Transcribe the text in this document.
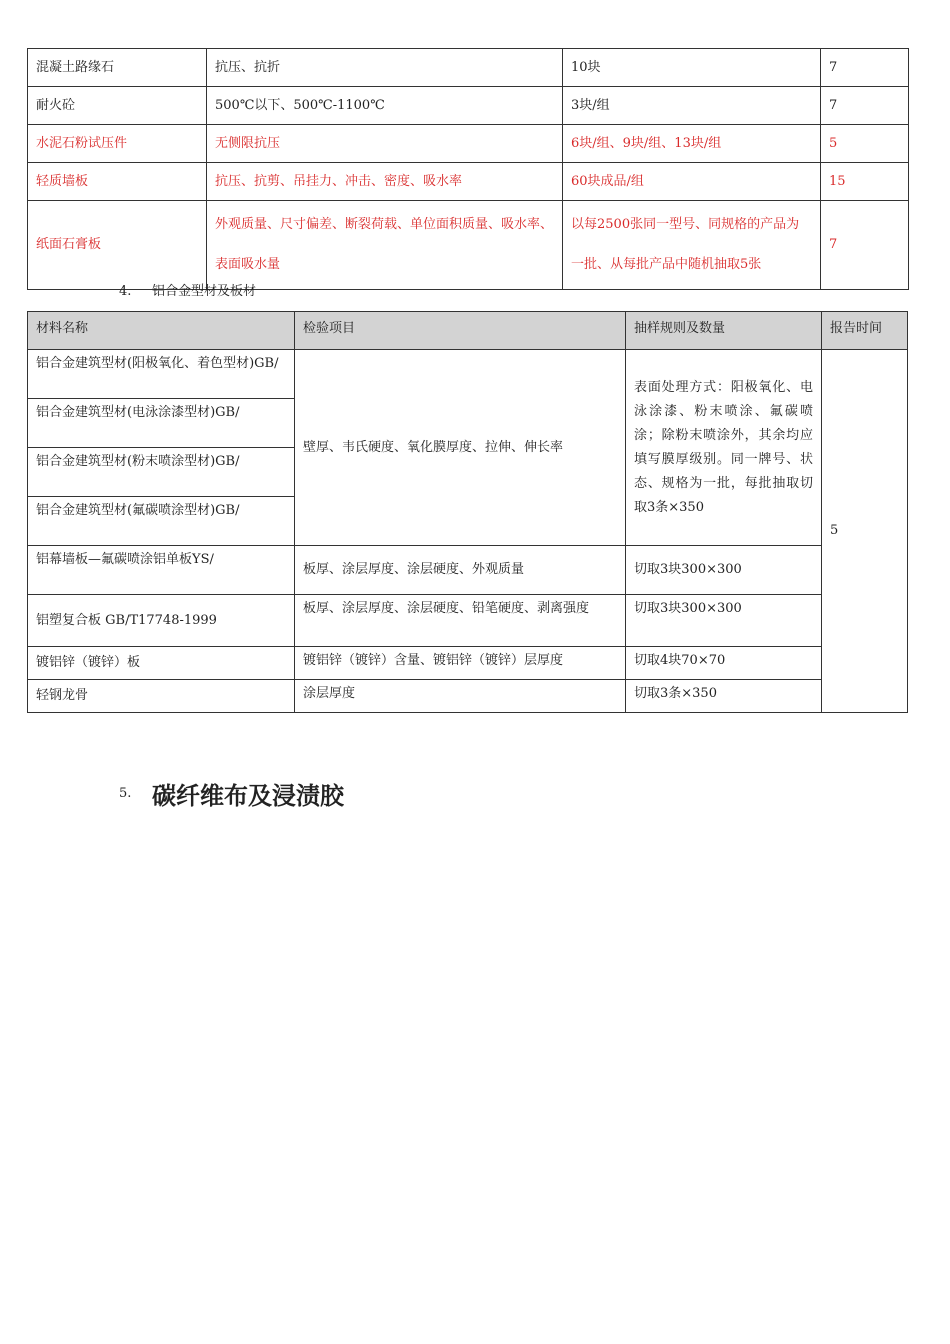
混凝土路缘石	抗压、抗折	10块	7
耐火砼	500℃以下、500℃-1100℃	3块/组	7
水泥石粉试压件	无侧限抗压	6块/组、9块/组、13块/组	5
轻质墙板	抗压、抗剪、吊挂力、冲击、密度、吸水率	60块成品/组	15
纸面石膏板	外观质量、尺寸偏差、断裂荷载、单位面积质量、吸水率、表面吸水量	以每2500张同一型号、同规格的产品为一批、从每批产品中随机抽取5张	7
4. 铝合金型材及板材
材料名称	检验项目	抽样规则及数量	报告时间
铝合金建筑型材(阳极氧化、着色型材)GB/	壁厚、韦氏硬度、氧化膜厚度、拉伸、伸长率	表面处理方式：阳极氧化、电泳涂漆、粉末喷涂、氟碳喷涂；除粉末喷涂外，其余均应填写膜厚级别。同一牌号、状态、规格为一批，每批抽取切取3条×350	5
铝合金建筑型材(电泳涂漆型材)GB/			
铝合金建筑型材(粉末喷涂型材)GB/			
铝合金建筑型材(氟碳喷涂型材)GB/			
铝幕墙板—氟碳喷涂铝单板YS/	板厚、涂层厚度、涂层硬度、外观质量	切取3块300×300	
铝塑复合板 GB/T17748-1999	板厚、涂层厚度、涂层硬度、铅笔硬度、剥离强度	切取3块300×300	
镀铝锌（镀锌）板	镀铝锌（镀锌）含量、镀铝锌（镀锌）层厚度	切取4块70×70	
轻钢龙骨	涂层厚度	切取3条×350	
5. 碳纤维布及浸渍胶
